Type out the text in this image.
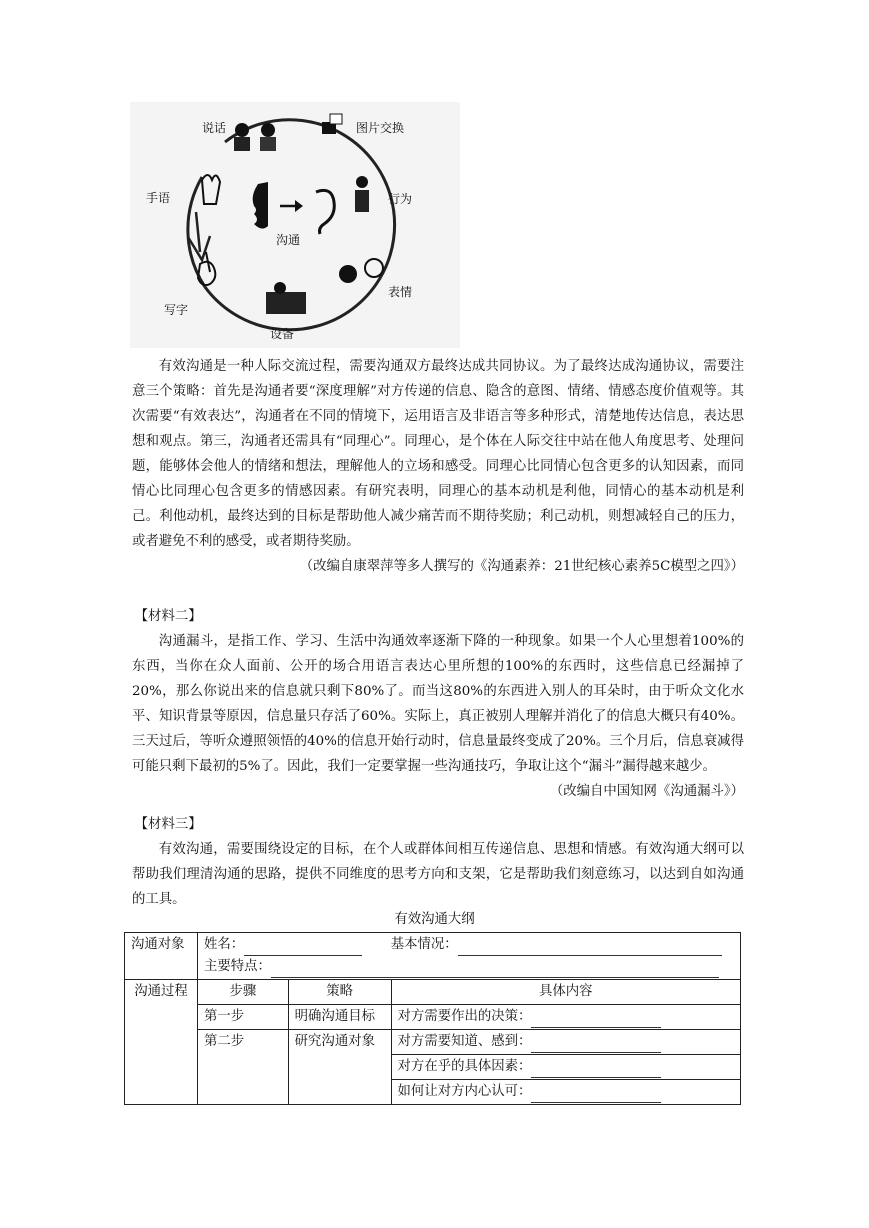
沟通
说话	图片交换
行为
表情
设备
写字
手语

有效沟通是一种人际交流过程，需要沟通双方最终达成共同协议。为了最终达成沟通协议，需要注意三个策略：首先是沟通者要“深度理解”对方传递的信息、隐含的意图、情绪、情感态度价值观等。其次需要“有效表达”，沟通者在不同的情境下，运用语言及非语言等多种形式，清楚地传达信息，表达思想和观点。第三，沟通者还需具有“同理心”。同理心，是个体在人际交往中站在他人角度思考、处理问题，能够体会他人的情绪和想法，理解他人的立场和感受。同理心比同情心包含更多的认知因素，而同情心比同理心包含更多的情感因素。有研究表明，同理心的基本动机是利他，同情心的基本动机是利己。利他动机，最终达到的目标是帮助他人减少痛苦而不期待奖励；利己动机，则想减轻自己的压力，或者避免不利的感受，或者期待奖励。

（改编自康翠萍等多人撰写的《沟通素养：21世纪核心素养5C模型之四》）

【材料二】

沟通漏斗，是指工作、学习、生活中沟通效率逐渐下降的一种现象。如果一个人心里想着100%的东西，当你在众人面前、公开的场合用语言表达心里所想的100%的东西时，这些信息已经漏掉了20%，那么你说出来的信息就只剩下80%了。而当这80%的东西进入别人的耳朵时，由于听众文化水平、知识背景等原因，信息量只存活了60%。实际上，真正被别人理解并消化了的信息大概只有40%。三天过后，等听众遵照领悟的40%的信息开始行动时，信息量最终变成了20%。三个月后，信息衰减得可能只剩下最初的5%了。因此，我们一定要掌握一些沟通技巧，争取让这个“漏斗”漏得越来越少。

（改编自中国知网《沟通漏斗》）

【材料三】

有效沟通，需要围绕设定的目标，在个人或群体间相互传递信息、思想和情感。有效沟通大纲可以帮助我们理清沟通的思路，提供不同维度的思考方向和支架，它是帮助我们刻意练习，以达到自如沟通的工具。

有效沟通大纲
沟通对象	姓名： 基本情况：
主要特点：		
沟通过程	步骤	策略	具体内容
	第一步	明确沟通目标	对方需要作出的决策：
	第二步	研究沟通对象	对方需要知道、感到：
			对方在乎的具体因素：
			如何让对方内心认可：
